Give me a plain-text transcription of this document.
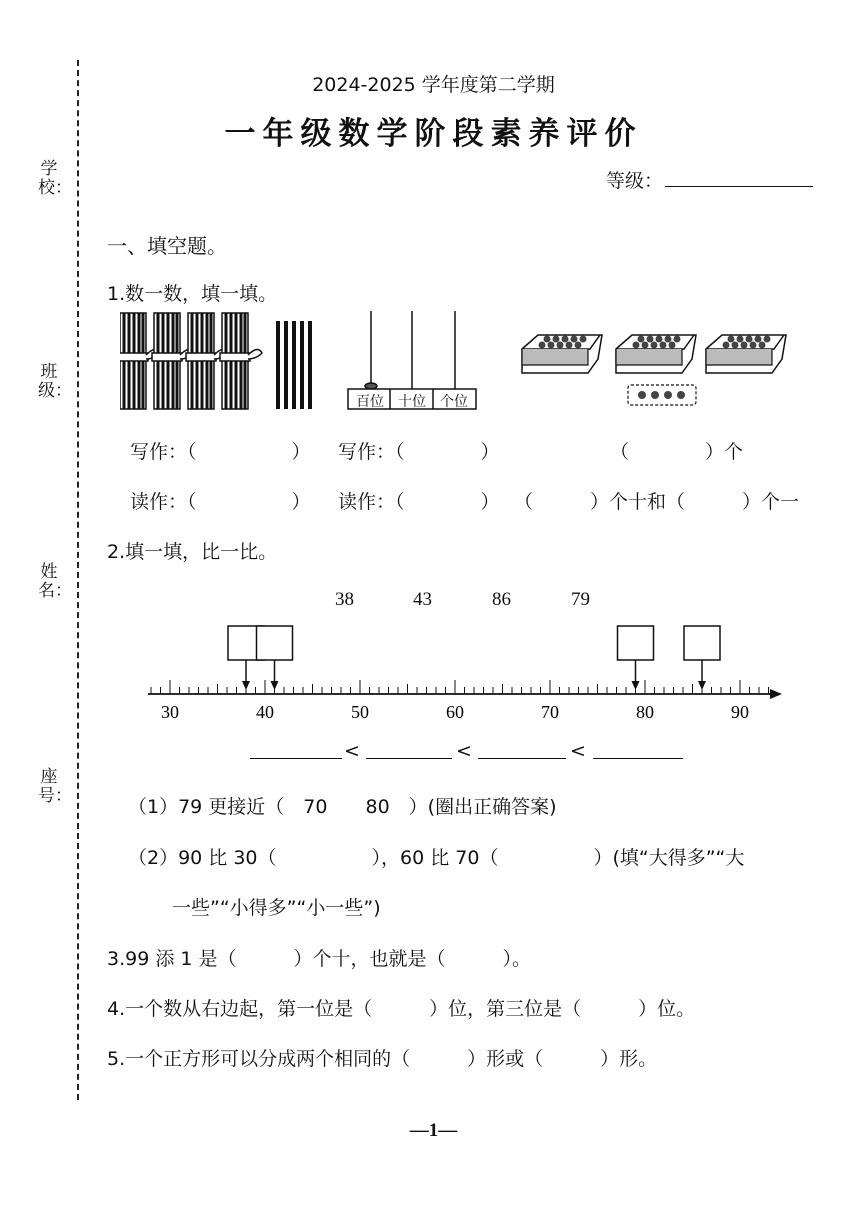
学校：
班级：
姓名：
座号：
2024-2025 学年度第二学期
一年级数学阶段素养评价
等级：
一、填空题。
1.数一数，填一填。
百位	十位	个位
写作：（　　　　　） 写作：（　　　　）	（　　　　）个
读作：（　　　　　） 读作：（　　　　） （　　　）个十和（　　　）个一
2.填一填，比一比。
38	43	86	79
30	40	50	60	70	80	90
<	<	<
（1）79 更接近（　70　　80　）(圈出正确答案)
（2）90 比 30（　　　　　），60 比 70（　　　　　）(填“大得多”“大
一些”“小得多”“小一些”)
3.99 添 1 是（　　　）个十，也就是（　　　）。
4.一个数从右边起，第一位是（　　　）位，第三位是（　　　）位。
5.一个正方形可以分成两个相同的（　　　）形或（　　　）形。
—1—
